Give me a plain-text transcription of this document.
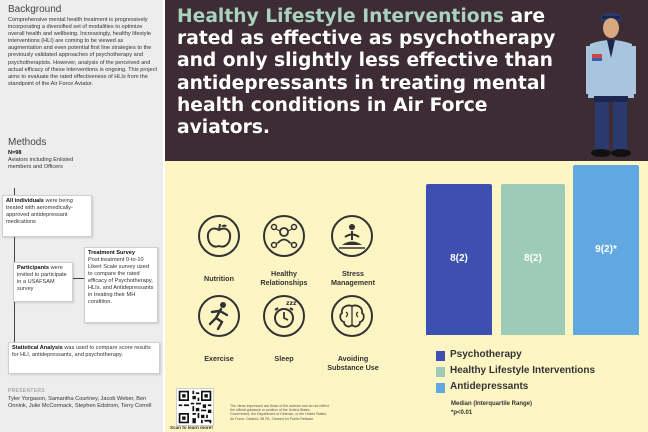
Background
Comprehensive mental health treatment is progressively incorporating a diversified set of modalities to optimize overall health and wellbeing. Increasingly, healthy lifestyle interventions (HLI) are coming to be viewed as augmentation and even potential first line strategies to the previously validated approaches of psychotherapy and psychotherapists. However, analysis of the perceived and actual efficacy of these interventions is ongoing. This project aims to evaluate the rated effectiveness of HLIs from the standpoint of the Air Force Aviator.
Methods
N=98
Aviators including Enlisted members and Officers
All individuals were being treated with aeromedically-approved antidepressant medications
Participants were invited to participate in a USAFSAM survey
Treatment Survey
Post treatment 0-to-10 Likert Scale survey used to compare the rated efficacy of Psychotherapy, HLIs, and Antidepressants in treating their MH condition.
Statistical Analysis was used to compare score results for HLI, antidepressants, and psychotherapy.
PRESENTERS
Tyler Yorgason, Samantha Courtney, Jacob Weber, Ben Onnink, Julie McCormack, Stephen Edstrom, Terry Correll
Healthy Lifestyle Interventions are rated as effective as psychotherapy and only slightly less effective than antidepressants in treating mental health conditions in Air Force aviators.
Nutrition
Healthy Relationships
Stress Management
Exercise
zzz
Sleep	Avoiding Substance Use
8(2)	8(2)
9(2)*
Psychotherapy
Healthy Lifestyle Interventions
Antidepressants
Median (Interquartile Range)
*p<0.01
Scan to learn more!
The views expressed are those of the authors and do not reflect the official guidance or position of the United States Government, the Department of Defense, or the United States Air Force. Cleared, 88 PA, Cleared for Public Release
